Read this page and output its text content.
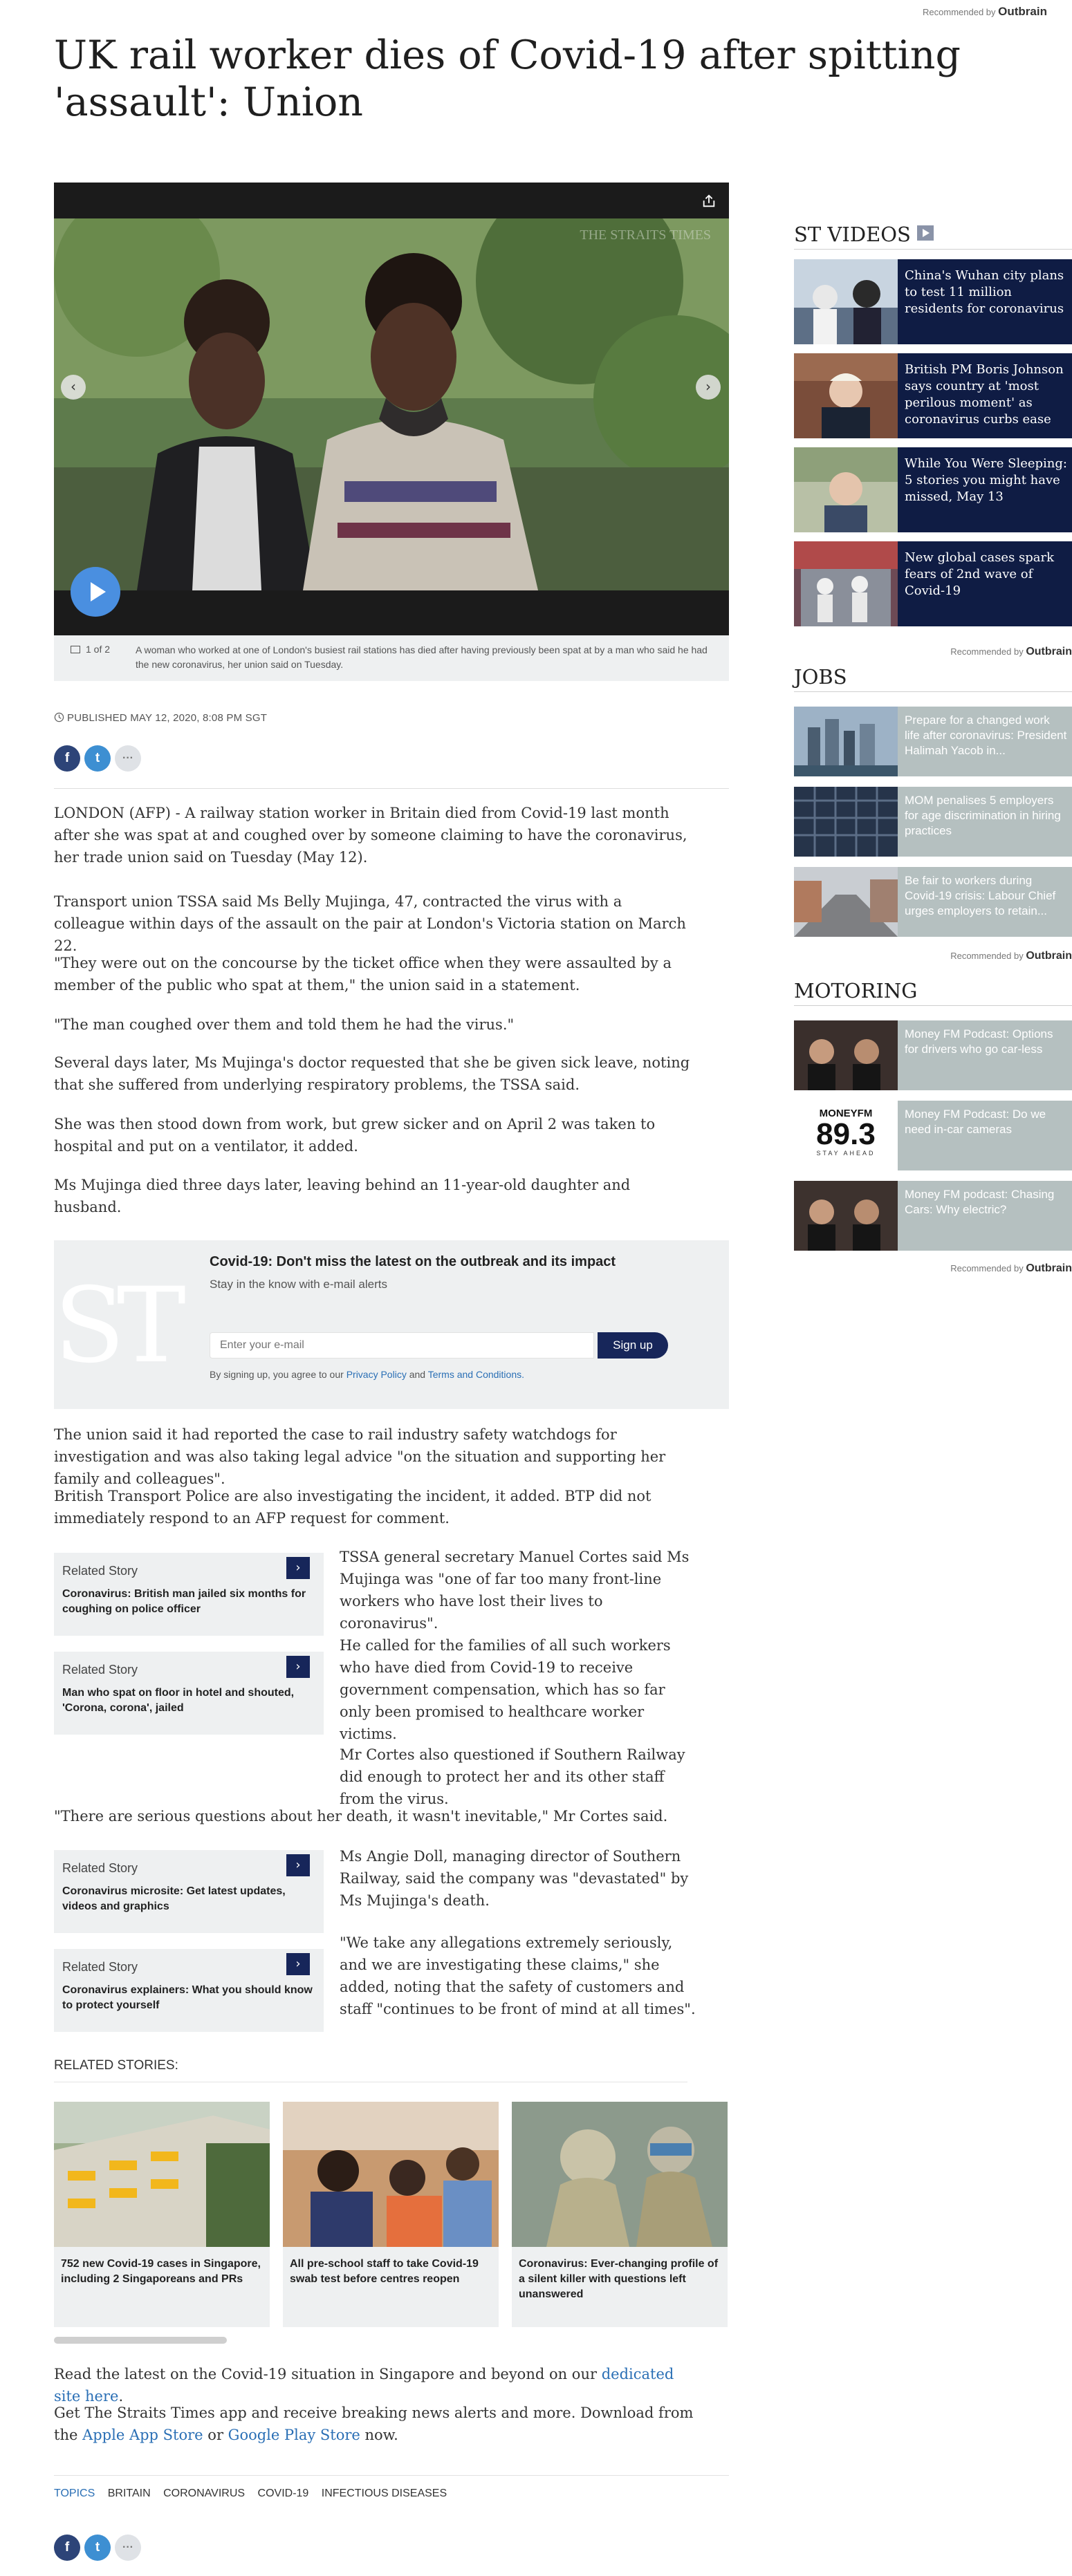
Recommended by Outbrain
UK rail worker dies of Covid-19 after spitting 'assault': Union
THE STRAITS TIMES
‹	›
1 of 2	A woman who worked at one of London's busiest rail stations has died after having previously been spat at by a man who said he had the new coronavirus, her union said on Tuesday.
PUBLISHED MAY 12, 2020, 8:08 PM SGT
f t ···

LONDON (AFP) - A railway station worker in Britain died from Covid-19 last month after she was spat at and coughed over by someone claiming to have the coronavirus, her trade union said on Tuesday (May 12).

Transport union TSSA said Ms Belly Mujinga, 47, contracted the virus with a colleague within days of the assault on the pair at London's Victoria station on March 22.

"They were out on the concourse by the ticket office when they were assaulted by a member of the public who spat at them," the union said in a statement.

"The man coughed over them and told them he had the virus."

Several days later, Ms Mujinga's doctor requested that she be given sick leave, noting that she suffered from underlying respiratory problems, the TSSA said.

She was then stood down from work, but grew sicker and on April 2 was taken to hospital and put on a ventilator, it added.

Ms Mujinga died three days later, leaving behind an 11-year-old daughter and husband.

ST
Covid-19: Don't miss the latest on the outbreak and its impact
Stay in the know with e-mail alerts
Enter your e-mail
Sign up
By signing up, you agree to our Privacy Policy and Terms and Conditions.

The union said it had reported the case to rail industry safety watchdogs for investigation and was also taking legal advice "on the situation and supporting her family and colleagues".

British Transport Police are also investigating the incident, it added. BTP did not immediately respond to an AFP request for comment.

Related Story
Coronavirus: British man jailed six months for coughing on police officer
›
Related Story
Man who spat on floor in hotel and shouted, 'Corona, corona', jailed
›

TSSA general secretary Manuel Cortes said Ms Mujinga was "one of far too many front-line workers who have lost their lives to coronavirus".

He called for the families of all such workers who have died from Covid-19 to receive government compensation, which has so far only been promised to healthcare worker victims.

Mr Cortes also questioned if Southern Railway did enough to protect her and its other staff from the virus.

"There are serious questions about her death, it wasn't inevitable," Mr Cortes said.

Related Story
Coronavirus microsite: Get latest updates, videos and graphics
›
Related Story
Coronavirus explainers: What you should know to protect yourself
›

Ms Angie Doll, managing director of Southern Railway, said the company was "devastated" by Ms Mujinga's death.

"We take any allegations extremely seriously, and we are investigating these claims," she added, noting that the safety of customers and staff "continues to be front of mind at all times".

RELATED STORIES:
752 new Covid-19 cases in Singapore, including 2 Singaporeans and PRs
All pre-school staff to take Covid-19 swab test before centres reopen
Coronavirus: Ever-changing profile of a silent killer with questions left unanswered

Read the latest on the Covid-19 situation in Singapore and beyond on our dedicated site here.

Get The Straits Times app and receive breaking news alerts and more. Download from the Apple App Store or Google Play Store now.

TOPICS BRITAIN CORONAVIRUS COVID-19 INFECTIOUS DISEASES
f t ···
ST VIDEOS
China's Wuhan city plans to test 11 million residents for coronavirus
British PM Boris Johnson says country at 'most perilous moment' as coronavirus curbs ease
While You Were Sleeping: 5 stories you might have missed, May 13
New global cases spark fears of 2nd wave of Covid-19
Recommended by Outbrain
JOBS
Prepare for a changed work life after coronavirus: President Halimah Yacob in...
MOM penalises 5 employers for age discrimination in hiring practices
Be fair to workers during Covid-19 crisis: Labour Chief urges employers to retain...
Recommended by Outbrain
MOTORING
Money FM Podcast: Options for drivers who go car-less
MONEYFM
89.3
STAY AHEAD
Money FM Podcast: Do we need in-car cameras
Money FM podcast: Chasing Cars: Why electric?
Recommended by Outbrain
